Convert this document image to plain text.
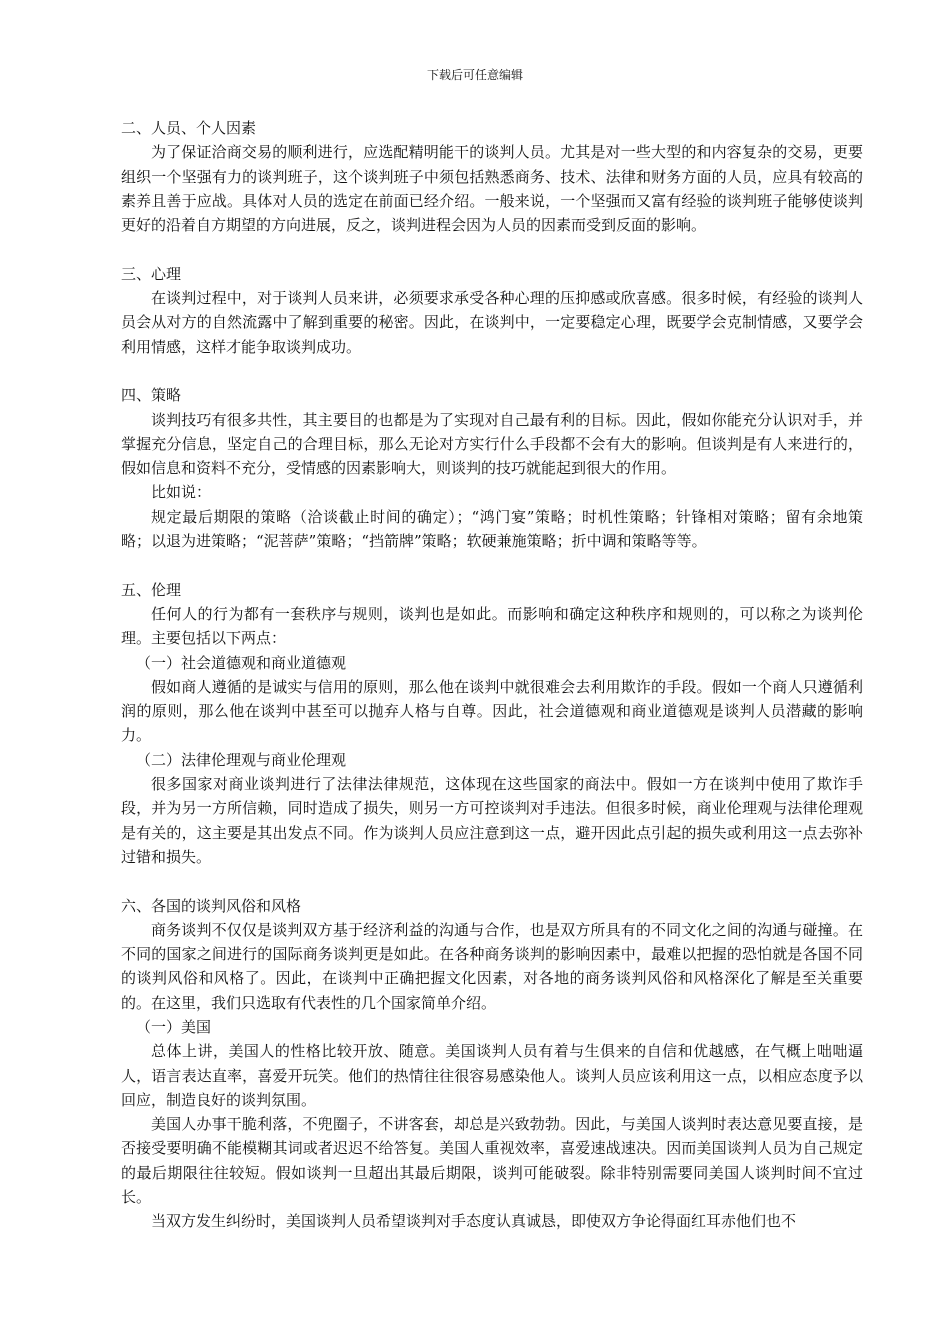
下载后可任意编辑

二、人员、个人因素

为了保证洽商交易的顺利进行，应选配精明能干的谈判人员。尤其是对一些大型的和内容复杂的交易，更要组织一个坚强有力的谈判班子，这个谈判班子中须包括熟悉商务、技术、法律和财务方面的人员，应具有较高的素养且善于应战。具体对人员的选定在前面已经介绍。一般来说，一个坚强而又富有经验的谈判班子能够使谈判更好的沿着自方期望的方向进展，反之，谈判进程会因为人员的因素而受到反面的影响。

三、心理

在谈判过程中，对于谈判人员来讲，必须要求承受各种心理的压抑感或欣喜感。很多时候，有经验的谈判人员会从对方的自然流露中了解到重要的秘密。因此，在谈判中，一定要稳定心理，既要学会克制情感，又要学会利用情感，这样才能争取谈判成功。

四、策略

谈判技巧有很多共性，其主要目的也都是为了实现对自己最有利的目标。因此，假如你能充分认识对手，并掌握充分信息，坚定自己的合理目标，那么无论对方实行什么手段都不会有大的影响。但谈判是有人来进行的，假如信息和资料不充分，受情感的因素影响大，则谈判的技巧就能起到很大的作用。

比如说：

规定最后期限的策略（洽谈截止时间的确定）；“鸿门宴”策略；时机性策略；针锋相对策略；留有余地策略；以退为进策略；“泥菩萨”策略；“挡箭牌”策略；软硬兼施策略；折中调和策略等等。

五、伦理

任何人的行为都有一套秩序与规则，谈判也是如此。而影响和确定这种秩序和规则的，可以称之为谈判伦理。主要包括以下两点：

（一）社会道德观和商业道德观

假如商人遵循的是诚实与信用的原则，那么他在谈判中就很难会去利用欺诈的手段。假如一个商人只遵循利润的原则，那么他在谈判中甚至可以抛弃人格与自尊。因此，社会道德观和商业道德观是谈判人员潜藏的影响力。

（二）法律伦理观与商业伦理观

很多国家对商业谈判进行了法律法律规范，这体现在这些国家的商法中。假如一方在谈判中使用了欺诈手段，并为另一方所信赖，同时造成了损失，则另一方可控谈判对手违法。但很多时候，商业伦理观与法律伦理观是有关的，这主要是其出发点不同。作为谈判人员应注意到这一点，避开因此点引起的损失或利用这一点去弥补过错和损失。

六、各国的谈判风俗和风格

商务谈判不仅仅是谈判双方基于经济利益的沟通与合作，也是双方所具有的不同文化之间的沟通与碰撞。在不同的国家之间进行的国际商务谈判更是如此。在各种商务谈判的影响因素中，最难以把握的恐怕就是各国不同的谈判风俗和风格了。因此，在谈判中正确把握文化因素，对各地的商务谈判风俗和风格深化了解是至关重要的。在这里，我们只选取有代表性的几个国家简单介绍。

（一）美国

总体上讲，美国人的性格比较开放、随意。美国谈判人员有着与生俱来的自信和优越感，在气概上咄咄逼人，语言表达直率，喜爱开玩笑。他们的热情往往很容易感染他人。谈判人员应该利用这一点，以相应态度予以回应，制造良好的谈判氛围。

美国人办事干脆利落，不兜圈子，不讲客套，却总是兴致勃勃。因此，与美国人谈判时表达意见要直接，是否接受要明确不能模糊其词或者迟迟不给答复。美国人重视效率，喜爱速战速决。因而美国谈判人员为自己规定的最后期限往往较短。假如谈判一旦超出其最后期限，谈判可能破裂。除非特别需要同美国人谈判时间不宜过长。

当双方发生纠纷时，美国谈判人员希望谈判对手态度认真诚恳，即使双方争论得面红耳赤他们也不
